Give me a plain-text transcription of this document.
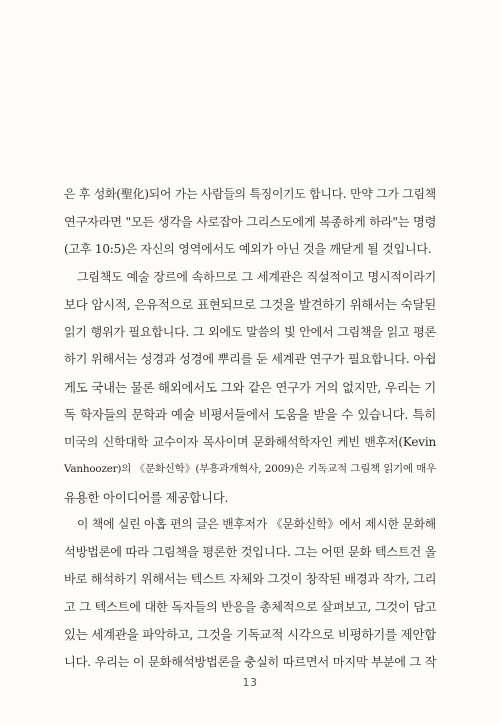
은 후 성화(聖化)되어 가는 사람들의 특징이기도 합니다. 만약 그가 그림책
연구자라면 "모든 생각을 사로잡아 그리스도에게 복종하게 하라"는 명령
(고후 10:5)은 자신의 영역에서도 예외가 아닌 것을 깨닫게 될 것입니다.
그림책도 예술 장르에 속하므로 그 세계관은 직설적이고 명시적이라기
보다 암시적, 은유적으로 표현되므로 그것을 발견하기 위해서는 숙달된
읽기 행위가 필요합니다. 그 외에도 말씀의 빛 안에서 그림책을 읽고 평론
하기 위해서는 성경과 성경에 뿌리를 둔 세계관 연구가 필요합니다. 아쉽
게도 국내는 물론 해외에서도 그와 같은 연구가 거의 없지만, 우리는 기
독 학자들의 문학과 예술 비평서들에서 도움을 받을 수 있습니다. 특히
미국의 신학대학 교수이자 목사이며 문화해석학자인 케빈 밴후저(Kevin
Vanhoozer)의 《문화신학》(부흥과개혁사, 2009)은 기독교적 그림책 읽기에 매우
유용한 아이디어를 제공합니다.
이 책에 실린 아홉 편의 글은 밴후저가 《문화신학》에서 제시한 문화해
석방법론에 따라 그림책을 평론한 것입니다. 그는 어떤 문화 텍스트건 올
바로 해석하기 위해서는 텍스트 자체와 그것이 창작된 배경과 작가, 그리
고 그 텍스트에 대한 독자들의 반응을 총체적으로 살펴보고, 그것이 담고
있는 세계관을 파악하고, 그것을 기독교적 시각으로 비평하기를 제안합
니다. 우리는 이 문화해석방법론을 충실히 따르면서 마지막 부분에 그 작
13
